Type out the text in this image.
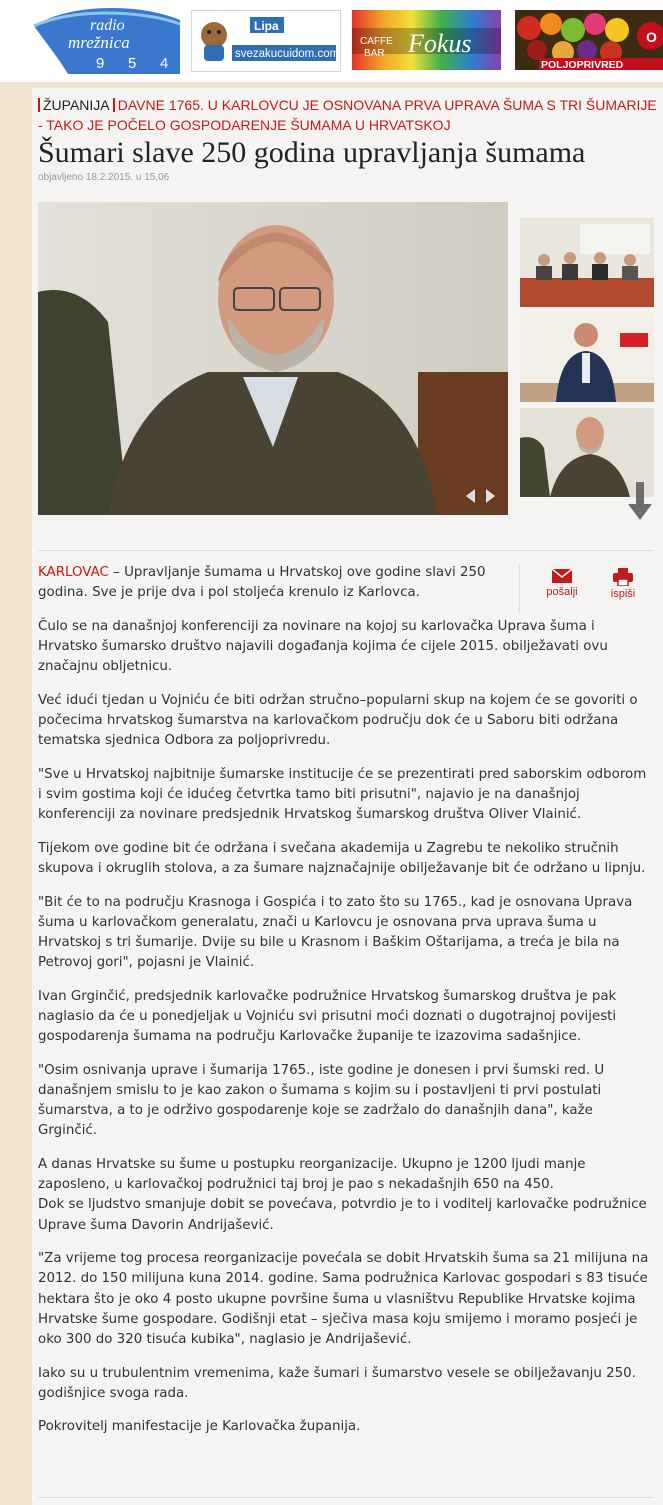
radio
mrežnica
9 5 4
Lipa
svezakucuidom.com
CAFFE
BAR Fokus	O
POLJOPRIVRED
ŽUPANIJA DAVNE 1765. U KARLOVCU JE OSNOVANA PRVA UPRAVA ŠUMA S TRI ŠUMARIJE - TAKO JE POČELO GOSPODARENJE ŠUMAMA U HRVATSKOJ
Šumari slave 250 godina upravljanja šumama
objavljeno 18.2.2015. u 15,06
pošalji	ispiši

KARLOVAC – Upravljanje šumama u Hrvatskoj ove godine slavi 250 godina. Sve je prije dva i pol stoljeća krenulo iz Karlovca.

Čulo se na današnjoj konferenciji za novinare na kojoj su karlovačka Uprava šuma i Hrvatsko šumarsko društvo najavili događanja kojima će cijele 2015. obilježavati ovu značajnu obljetnicu.

Već idući tjedan u Vojniću će biti održan stručno–popularni skup na kojem će se govoriti o počecima hrvatskog šumarstva na karlovačkom području dok će u Saboru biti održana tematska sjednica Odbora za poljoprivredu.

"Sve u Hrvatskoj najbitnije šumarske institucije će se prezentirati pred saborskim odborom i svim gostima koji će idućeg četvrtka tamo biti prisutni", najavio je na današnjoj konferenciji za novinare predsjednik Hrvatskog šumarskog društva Oliver Vlainić.

Tijekom ove godine bit će održana i svečana akademija u Zagrebu te nekoliko stručnih skupova i okruglih stolova, a za šumare najznačajnije obilježavanje bit će održano u lipnju.

"Bit će to na području Krasnoga i Gospića i to zato što su 1765., kad je osnovana Uprava šuma u karlovačkom generalatu, znači u Karlovcu je osnovana prva uprava šuma u Hrvatskoj s tri šumarije. Dvije su bile u Krasnom i Baškim Oštarijama, a treća je bila na Petrovoj gori", pojasni je Vlainić.

Ivan Grginčić, predsjednik karlovačke podružnice Hrvatskog šumarskog društva je pak naglasio da će u ponedjeljak u Vojniću svi prisutni moći doznati o dugotrajnoj povijesti gospodarenja šumama na području Karlovačke županije te izazovima sadašnjice.

"Osim osnivanja uprave i šumarija 1765., iste godine je donesen i prvi šumski red. U današnjem smislu to je kao zakon o šumama s kojim su i postavljeni ti prvi postulati šumarstva, a to je održivo gospodarenje koje se zadržalo do današnjih dana", kaže Grginčić.

A danas Hrvatske su šume u postupku reorganizacije. Ukupno je 1200 ljudi manje zaposleno, u karlovačkoj podružnici taj broj je pao s nekadašnjih 650 na 450.
Dok se ljudstvo smanjuje dobit se povećava, potvrdio je to i voditelj karlovačke podružnice Uprave šuma Davorin Andrijašević.

"Za vrijeme tog procesa reorganizacije povećala se dobit Hrvatskih šuma sa 21 milijuna na 2012. do 150 milijuna kuna 2014. godine. Sama podružnica Karlovac gospodari s 83 tisuće hektara što je oko 4 posto ukupne površine šuma u vlasništvu Republike Hrvatske kojima Hrvatske šume gospodare. Godišnji etat – sječiva masa koju smijemo i moramo posjeći je oko 300 do 320 tisuća kubika", naglasio je Andrijašević.

Iako su u trubulentnim vremenima, kaže šumari i šumarstvo vesele se obilježavanju 250. godišnjice svoga rada.

Pokrovitelj manifestacije je Karlovačka županija.
